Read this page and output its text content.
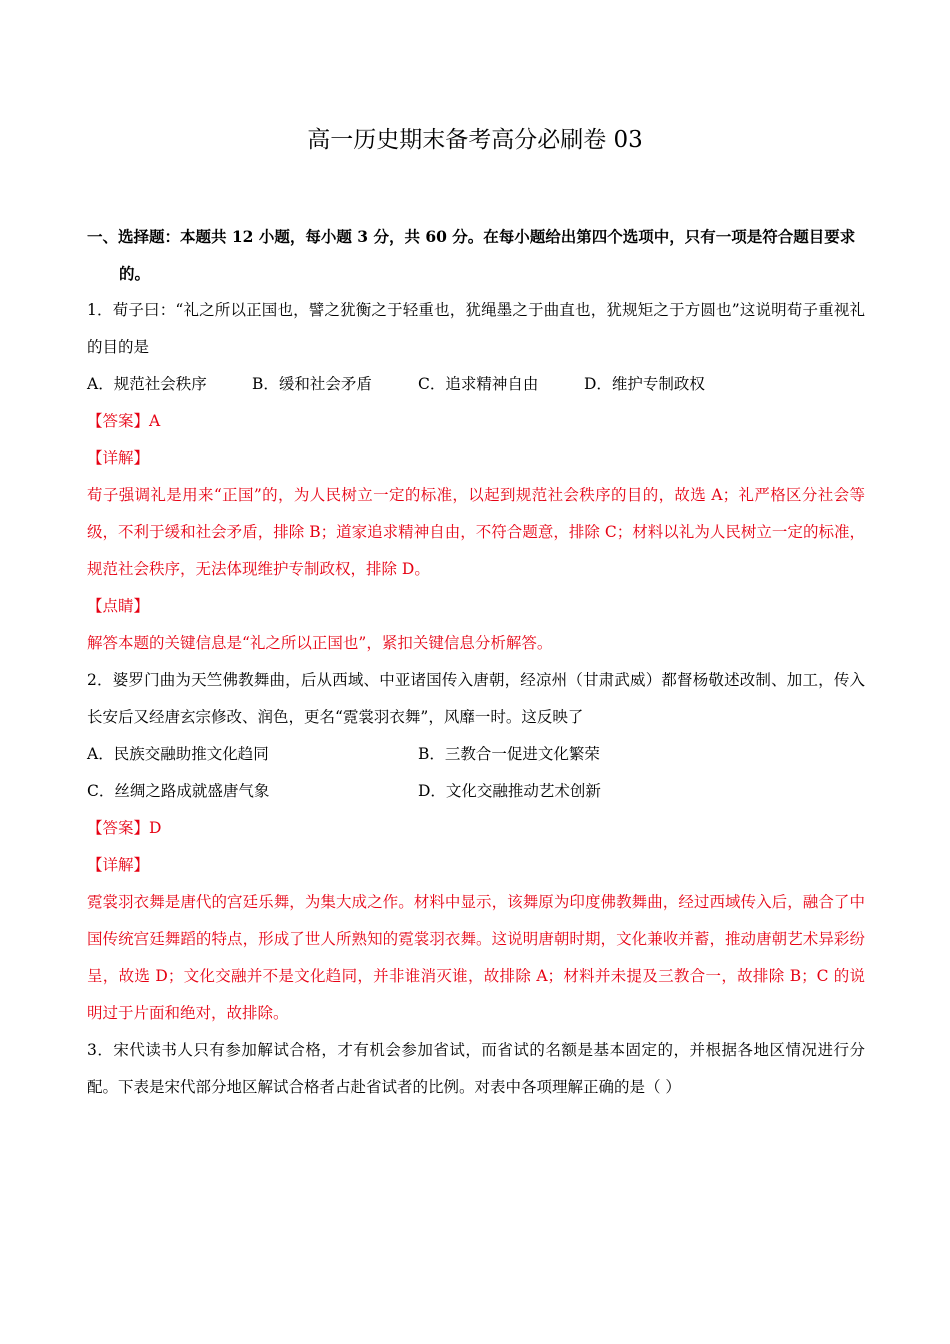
高一历史期末备考高分必刷卷 03

一、选择题：本题共 12 小题，每小题 3 分，共 60 分。在每小题给出第四个选项中，只有一项是符合题目要求的。

1．荀子曰：“礼之所以正国也，譬之犹衡之于轻重也，犹绳墨之于曲直也，犹规矩之于方圆也”这说明荀子重视礼的目的是

A．规范社会秩序	B．缓和社会矛盾	C．追求精神自由	D．维护专制政权

【答案】A

【详解】

荀子强调礼是用来“正国”的，为人民树立一定的标准，以起到规范社会秩序的目的，故选 A；礼严格区分社会等级，不利于缓和社会矛盾，排除 B；道家追求精神自由，不符合题意，排除 C；材料以礼为人民树立一定的标准，规范社会秩序，无法体现维护专制政权，排除 D。

【点睛】

解答本题的关键信息是“礼之所以正国也”，紧扣关键信息分析解答。

2．婆罗门曲为天竺佛教舞曲，后从西域、中亚诸国传入唐朝，经凉州（甘肃武威）都督杨敬述改制、加工，传入长安后又经唐玄宗修改、润色，更名“霓裳羽衣舞”，风靡一时。这反映了

A．民族交融助推文化趋同	B．三教合一促进文化繁荣
C．丝绸之路成就盛唐气象	D．文化交融推动艺术创新

【答案】D

【详解】

霓裳羽衣舞是唐代的宫廷乐舞，为集大成之作。材料中显示，该舞原为印度佛教舞曲，经过西域传入后，融合了中国传统宫廷舞蹈的特点，形成了世人所熟知的霓裳羽衣舞。这说明唐朝时期，文化兼收并蓄，推动唐朝艺术异彩纷呈，故选 D；文化交融并不是文化趋同，并非谁消灭谁，故排除 A；材料并未提及三教合一，故排除 B；C 的说明过于片面和绝对，故排除。

3．宋代读书人只有参加解试合格，才有机会参加省试，而省试的名额是基本固定的，并根据各地区情况进行分配。下表是宋代部分地区解试合格者占赴省试者的比例。对表中各项理解正确的是（ ）
